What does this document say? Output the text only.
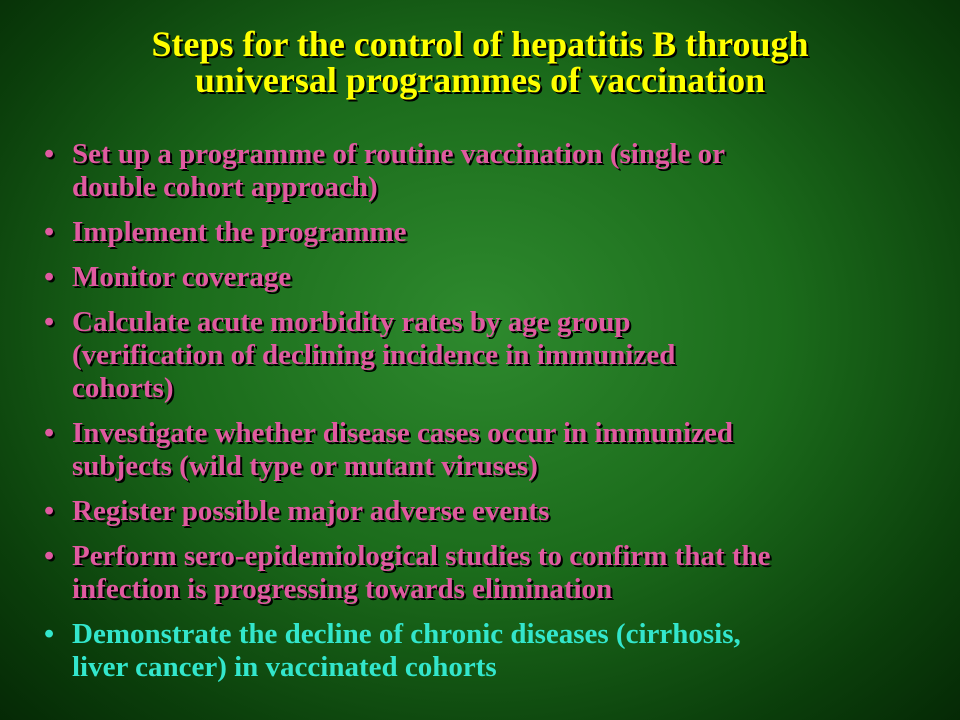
Steps for the control of hepatitis B through
universal programmes of vaccination
• Set up a programme of routine vaccination (single or
double cohort approach)
• Implement the programme
• Monitor coverage
• Calculate acute morbidity rates by age group
(verification of declining incidence in immunized
cohorts)
• Investigate whether disease cases occur in immunized
subjects (wild type or mutant viruses)
• Register possible major adverse events
• Perform sero-epidemiological studies to confirm that the
infection is progressing towards elimination
• Demonstrate the decline of chronic diseases (cirrhosis,
liver cancer) in vaccinated cohorts
